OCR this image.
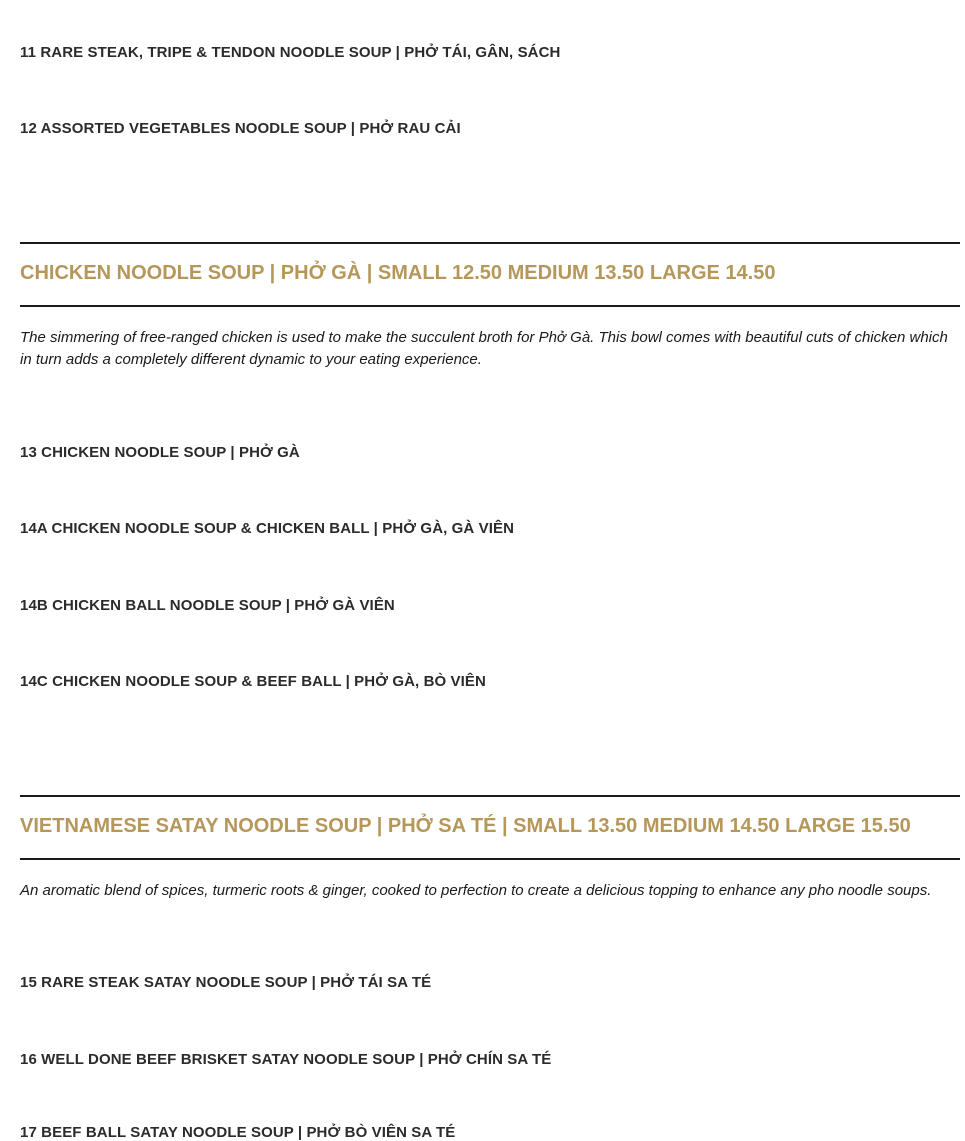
11 RARE STEAK, TRIPE & TENDON NOODLE SOUP | PHỞ TÁI, GÂN, SÁCH
12 ASSORTED VEGETABLES NOODLE SOUP | PHỞ RAU CẢI
CHICKEN NOODLE SOUP | PHỞ GÀ | SMALL 12.50 MEDIUM 13.50 LARGE 14.50
The simmering of free-ranged chicken is used to make the succulent broth for Phở Gà. This bowl comes with beautiful cuts of chicken which in turn adds a completely different dynamic to your eating experience.
13 CHICKEN NOODLE SOUP | PHỞ GÀ
14A CHICKEN NOODLE SOUP & CHICKEN BALL | PHỞ GÀ, GÀ VIÊN
14B CHICKEN BALL NOODLE SOUP | PHỞ GÀ VIÊN
14C CHICKEN NOODLE SOUP & BEEF BALL | PHỞ GÀ, BÒ VIÊN
VIETNAMESE SATAY NOODLE SOUP | PHỞ SA TÉ | SMALL 13.50 MEDIUM 14.50 LARGE 15.50
An aromatic blend of spices, turmeric roots & ginger, cooked to perfection to create a delicious topping to enhance any pho noodle soups.
15 RARE STEAK SATAY NOODLE SOUP | PHỞ TÁI SA TÉ
16 WELL DONE BEEF BRISKET SATAY NOODLE SOUP | PHỞ CHÍN SA TÉ
17 BEEF BALL SATAY NOODLE SOUP | PHỞ BÒ VIÊN SA TÉ
